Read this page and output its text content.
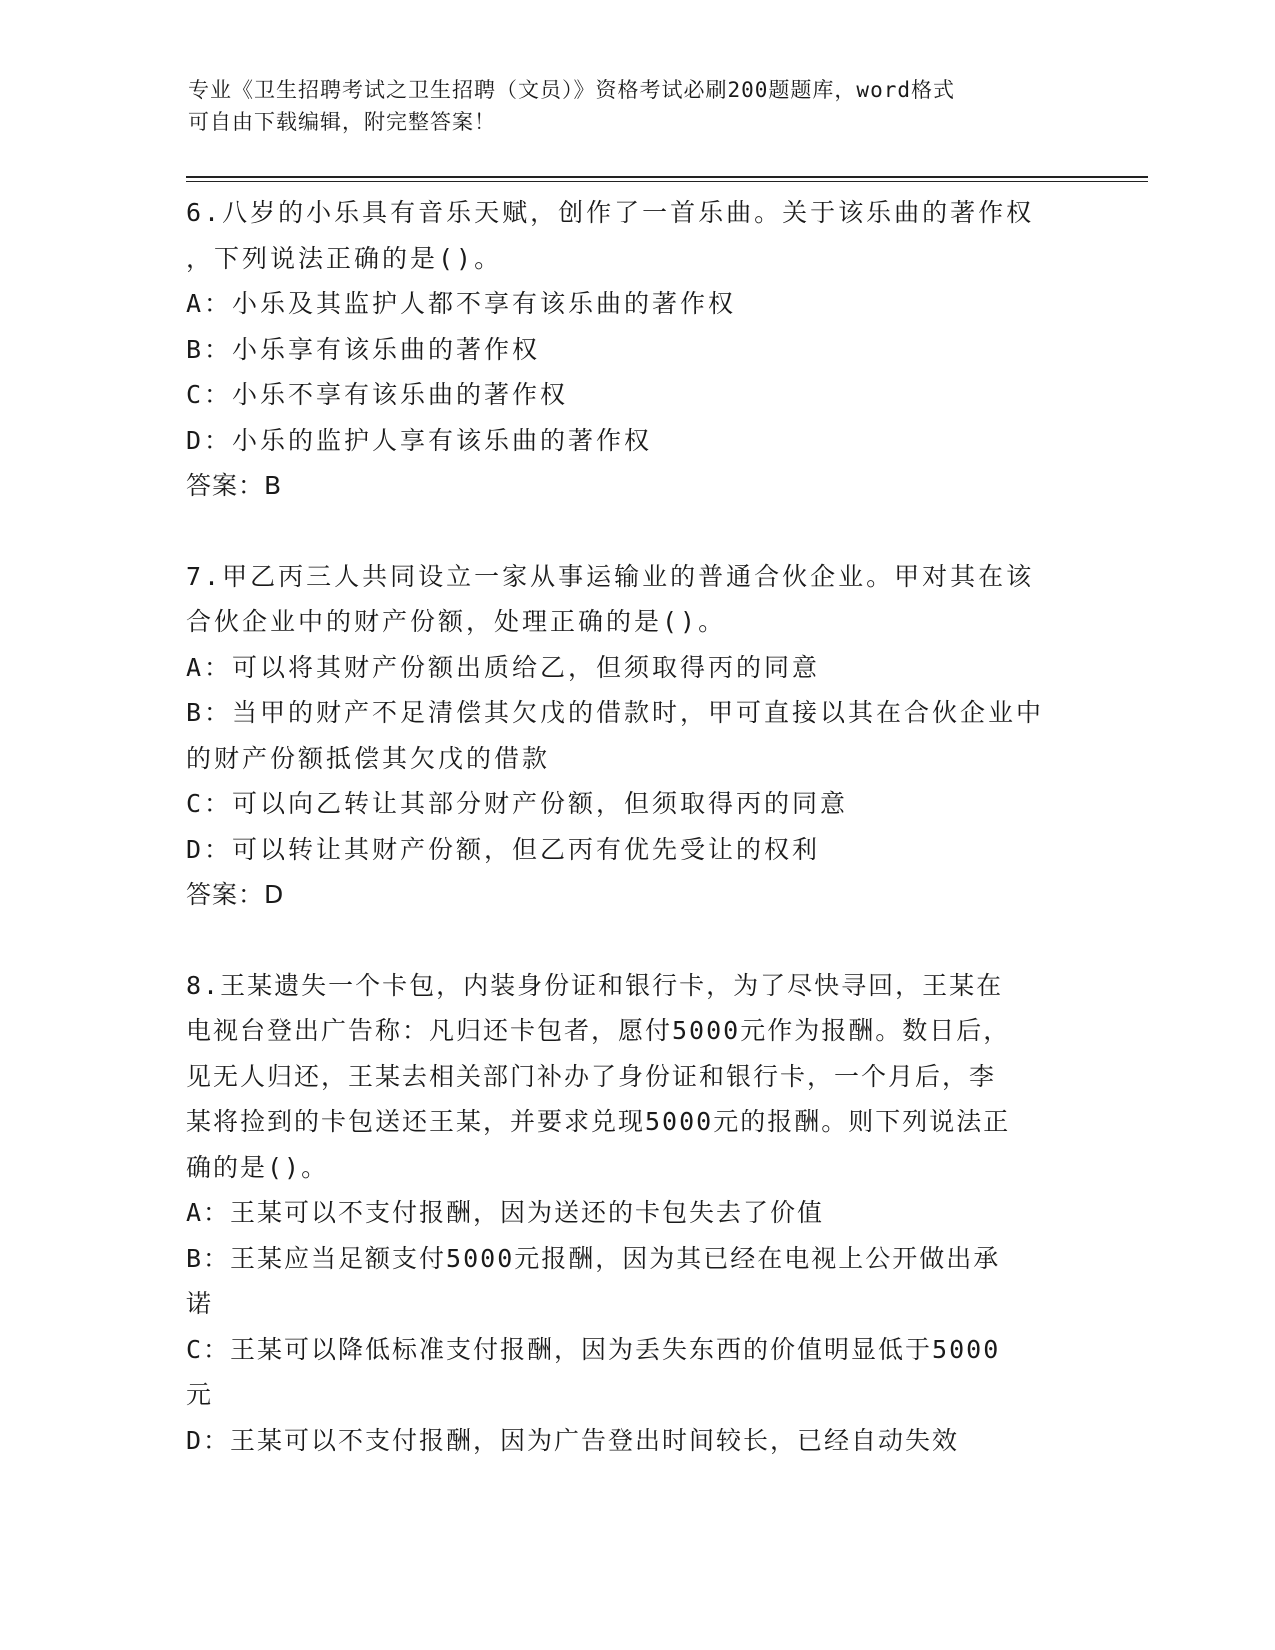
专业《卫生招聘考试之卫生招聘（文员）》资格考试必刷200题题库，word格式
可自由下载编辑，附完整答案！
6.八岁的小乐具有音乐天赋，创作了一首乐曲。关于该乐曲的著作权
，下列说法正确的是()。
A：小乐及其监护人都不享有该乐曲的著作权
B：小乐享有该乐曲的著作权
C：小乐不享有该乐曲的著作权
D：小乐的监护人享有该乐曲的著作权
答案：B
7.甲乙丙三人共同设立一家从事运输业的普通合伙企业。甲对其在该
合伙企业中的财产份额，处理正确的是()。
A：可以将其财产份额出质给乙，但须取得丙的同意
B：当甲的财产不足清偿其欠戊的借款时，甲可直接以其在合伙企业中
的财产份额抵偿其欠戊的借款
C：可以向乙转让其部分财产份额，但须取得丙的同意
D：可以转让其财产份额，但乙丙有优先受让的权利
答案：D
8.王某遗失一个卡包，内装身份证和银行卡，为了尽快寻回，王某在
电视台登出广告称：凡归还卡包者，愿付5000元作为报酬。数日后，
见无人归还，王某去相关部门补办了身份证和银行卡，一个月后，李
某将捡到的卡包送还王某，并要求兑现5000元的报酬。则下列说法正
确的是()。
A：王某可以不支付报酬，因为送还的卡包失去了价值
B：王某应当足额支付5000元报酬，因为其已经在电视上公开做出承
诺
C：王某可以降低标准支付报酬，因为丢失东西的价值明显低于5000
元
D：王某可以不支付报酬，因为广告登出时间较长，已经自动失效
